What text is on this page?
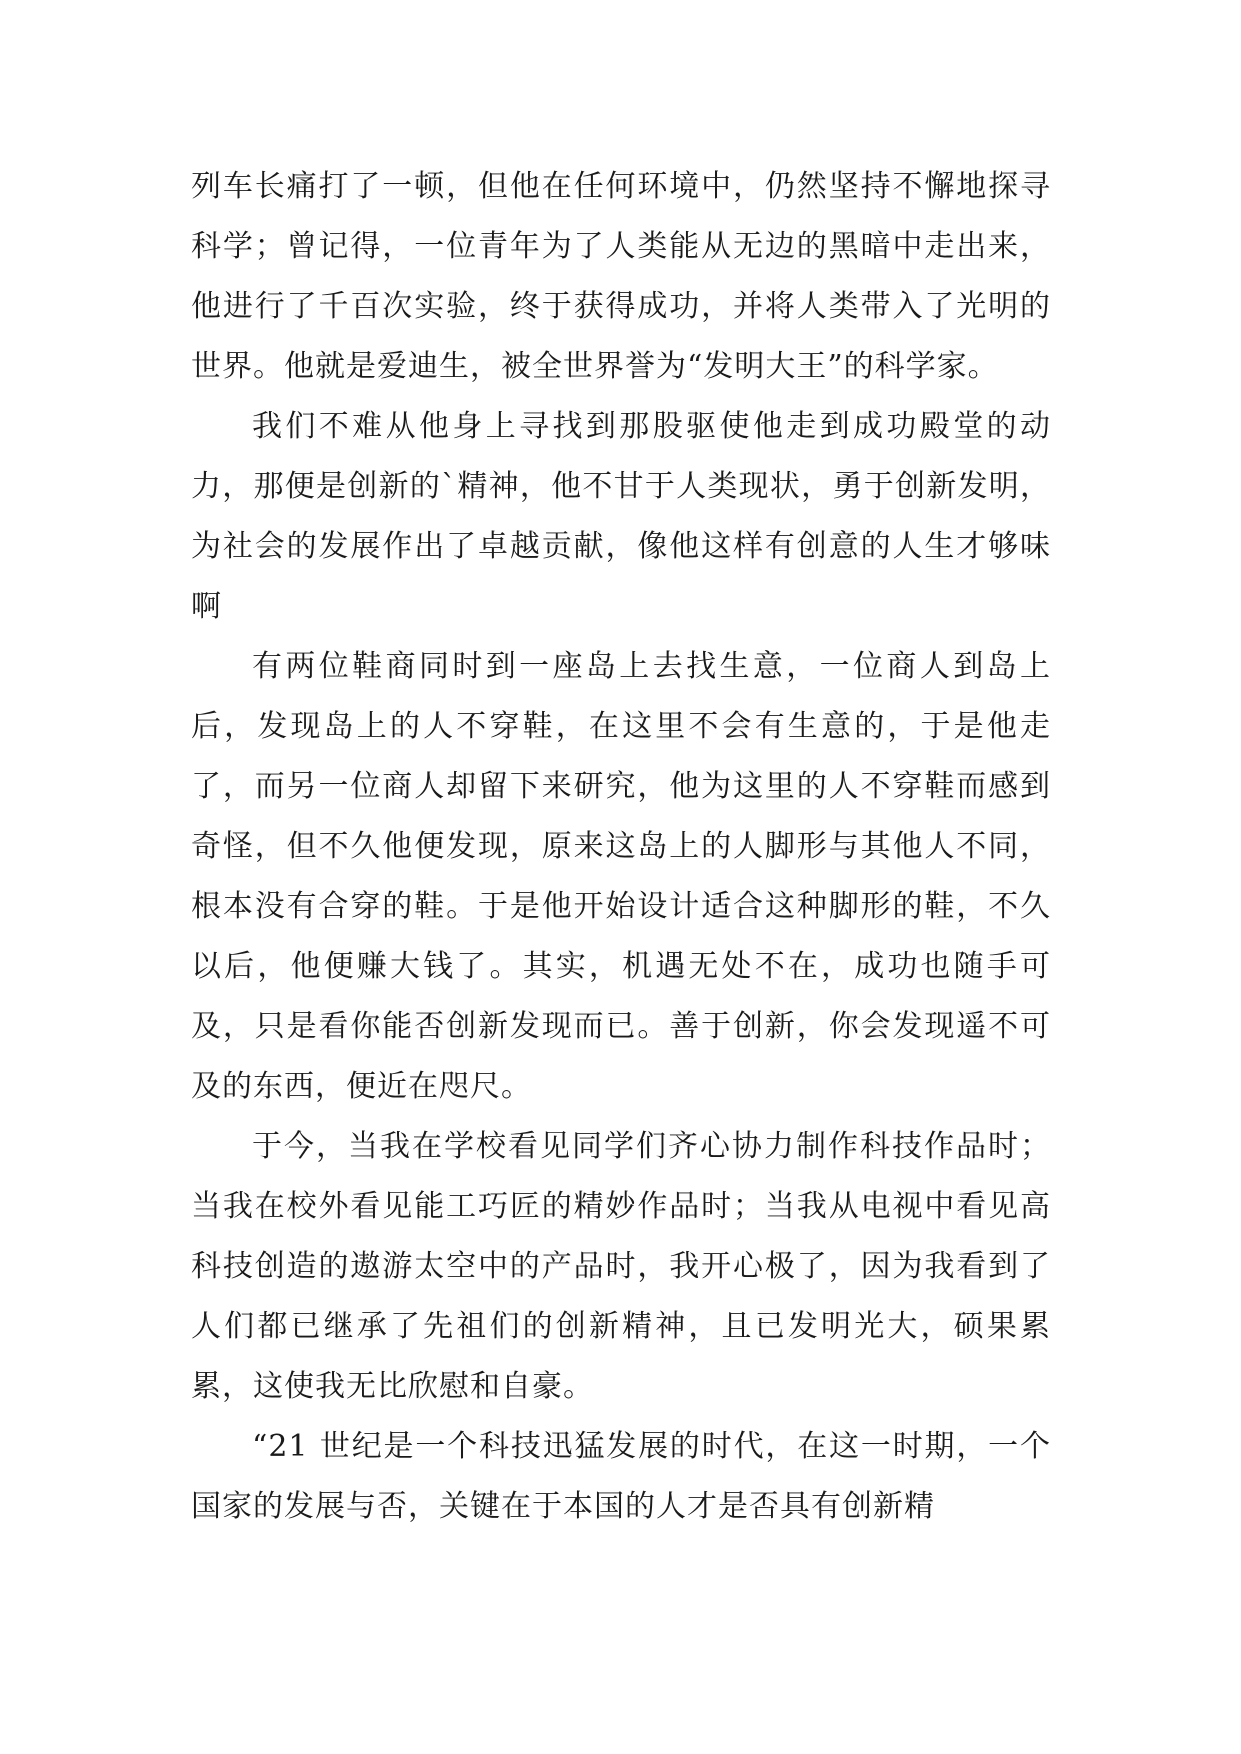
列车长痛打了一顿，但他在任何环境中，仍然坚持不懈地探寻科学；曾记得，一位青年为了人类能从无边的黑暗中走出来，他进行了千百次实验，终于获得成功，并将人类带入了光明的世界。他就是爱迪生，被全世界誉为“发明大王”的科学家。

我们不难从他身上寻找到那股驱使他走到成功殿堂的动力，那便是创新的`精神，他不甘于人类现状，勇于创新发明，为社会的发展作出了卓越贡献，像他这样有创意的人生才够味啊

有两位鞋商同时到一座岛上去找生意，一位商人到岛上后，发现岛上的人不穿鞋，在这里不会有生意的，于是他走了，而另一位商人却留下来研究，他为这里的人不穿鞋而感到奇怪，但不久他便发现，原来这岛上的人脚形与其他人不同，根本没有合穿的鞋。于是他开始设计适合这种脚形的鞋，不久以后，他便赚大钱了。其实，机遇无处不在，成功也随手可及，只是看你能否创新发现而已。善于创新，你会发现遥不可及的东西，便近在咫尺。

于今，当我在学校看见同学们齐心协力制作科技作品时；当我在校外看见能工巧匠的精妙作品时；当我从电视中看见高科技创造的遨游太空中的产品时，我开心极了，因为我看到了人们都已继承了先祖们的创新精神，且已发明光大，硕果累累，这使我无比欣慰和自豪。

“21 世纪是一个科技迅猛发展的时代，在这一时期，一个国家的发展与否，关键在于本国的人才是否具有创新精
